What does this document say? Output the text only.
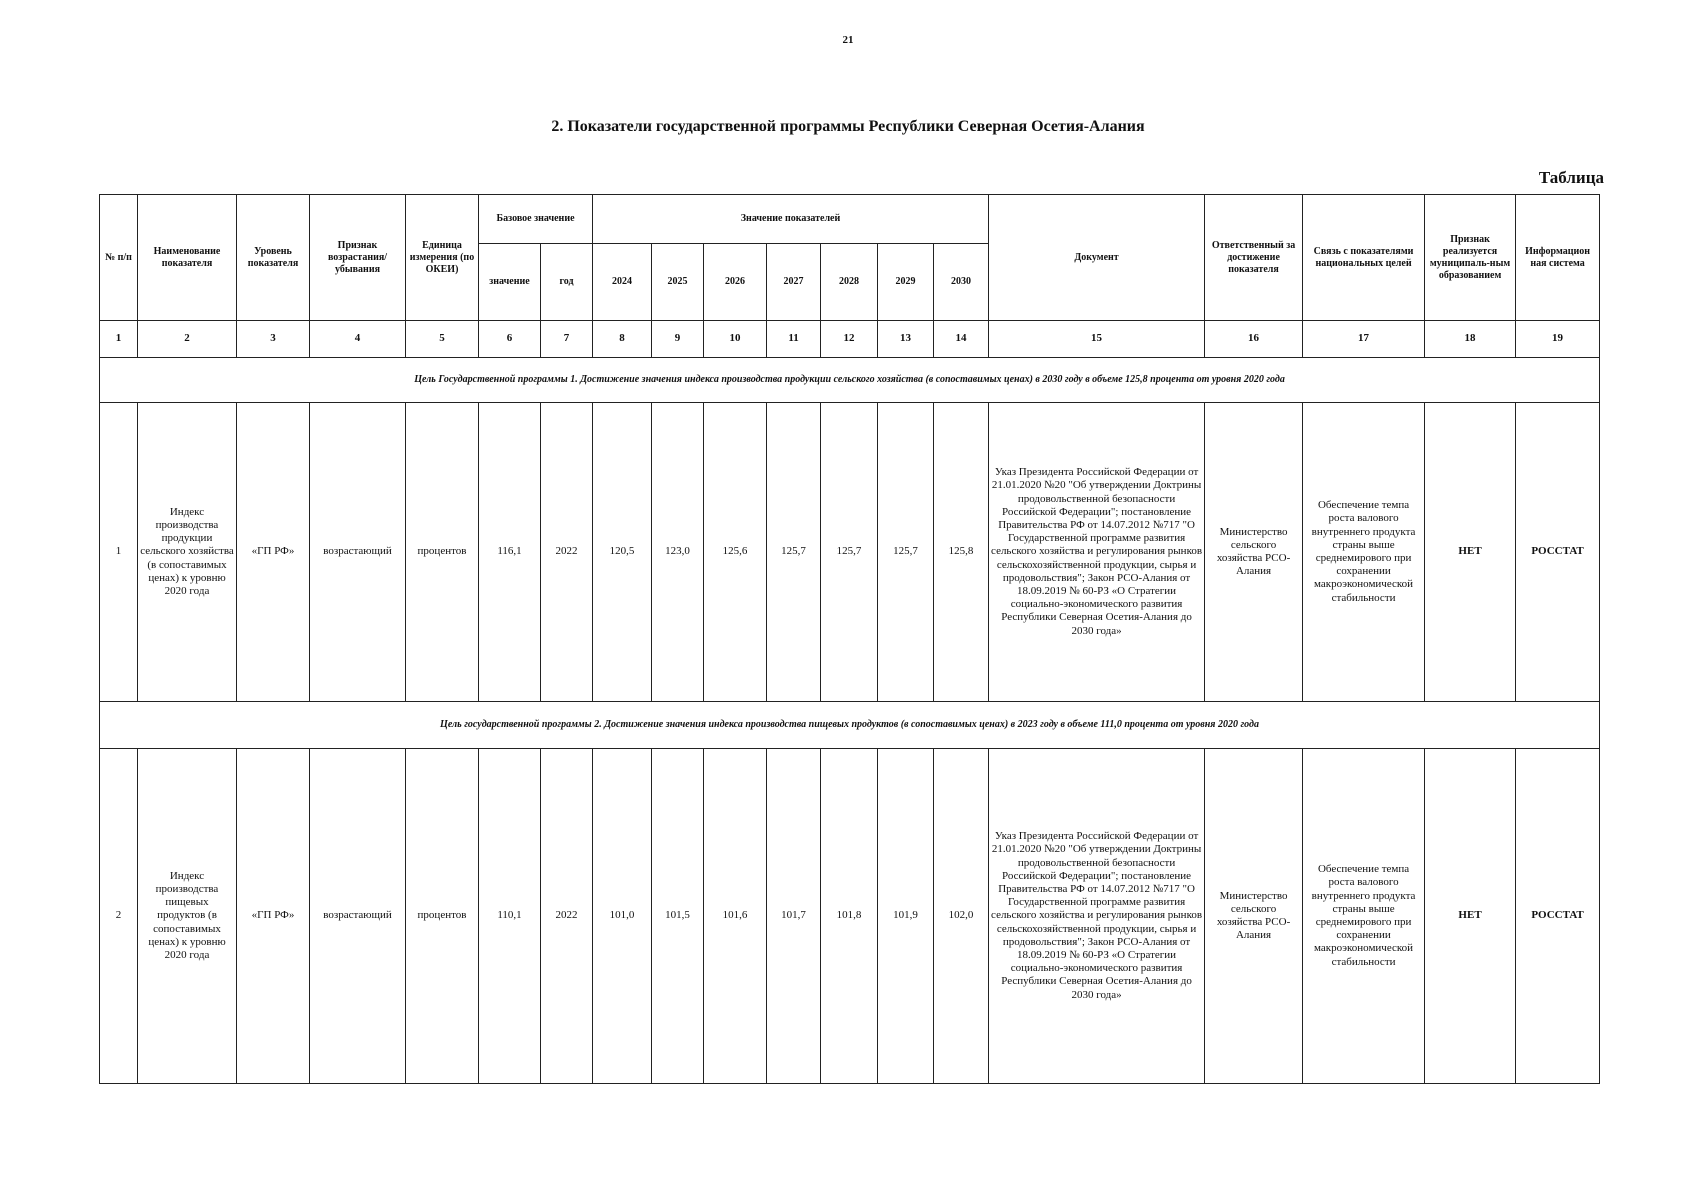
21
2. Показатели государственной программы Республики Северная Осетия-Алания
Таблица
№ п/п	Наименование показателя	Уровень показателя	Признак возрастания/ убывания	Единица измерения (по ОКЕИ)	Базовое значение		Значение показателей							Документ	Ответственный за достижение показателя	Связь с показателями национальных целей	Признак реализуется муниципаль-ным образованием	Информацион ная система
					значение	год	2024	2025	2026	2027	2028	2029	2030					
1	2	3	4	5	6	7	8	9	10	11	12	13	14	15	16	17	18	19
Цель Государственной программы 1. Достижение значения индекса производства продукции сельского хозяйства (в сопоставимых ценах) в 2030 году в объеме 125,8 процента от уровня 2020 года																		
1	Индекс производства продукции сельского хозяйства (в сопоставимых ценах) к уровню 2020 года	«ГП РФ»	возрастающий	процентов	116,1	2022	120,5	123,0	125,6	125,7	125,7	125,7	125,8	Указ Президента Российской Федерации от 21.01.2020 №20 "Об утверждении Доктрины продовольственной безопасности Российской Федерации"; постановление Правительства РФ от 14.07.2012 №717 "О Государственной программе развития сельского хозяйства и регулирования рынков сельскохозяйственной продукции, сырья и продовольствия"; Закон РСО-Алания от 18.09.2019 № 60-РЗ «О Стратегии социально-экономического развития Республики Северная Осетия-Алания до 2030 года»	Министерство сельского хозяйства РСО-Алания	Обеспечение темпа роста валового внутреннего продукта страны выше среднемирового при сохранении макроэкономической стабильности	НЕТ	РОССТАТ
Цель государственной программы 2. Достижение значения индекса производства пищевых продуктов (в сопоставимых ценах) в 2023 году в объеме 111,0 процента от уровня 2020 года																		
2	Индекс производства пищевых продуктов (в сопоставимых ценах) к уровню 2020 года	«ГП РФ»	возрастающий	процентов	110,1	2022	101,0	101,5	101,6	101,7	101,8	101,9	102,0	Указ Президента Российской Федерации от 21.01.2020 №20 "Об утверждении Доктрины продовольственной безопасности Российской Федерации"; постановление Правительства РФ от 14.07.2012 №717 "О Государственной программе развития сельского хозяйства и регулирования рынков сельскохозяйственной продукции, сырья и продовольствия"; Закон РСО-Алания от 18.09.2019 № 60-РЗ «О Стратегии социально-экономического развития Республики Северная Осетия-Алания до 2030 года»	Министерство сельского хозяйства РСО-Алания	Обеспечение темпа роста валового внутреннего продукта страны выше среднемирового при сохранении макроэкономической стабильности	НЕТ	РОССТАТ
